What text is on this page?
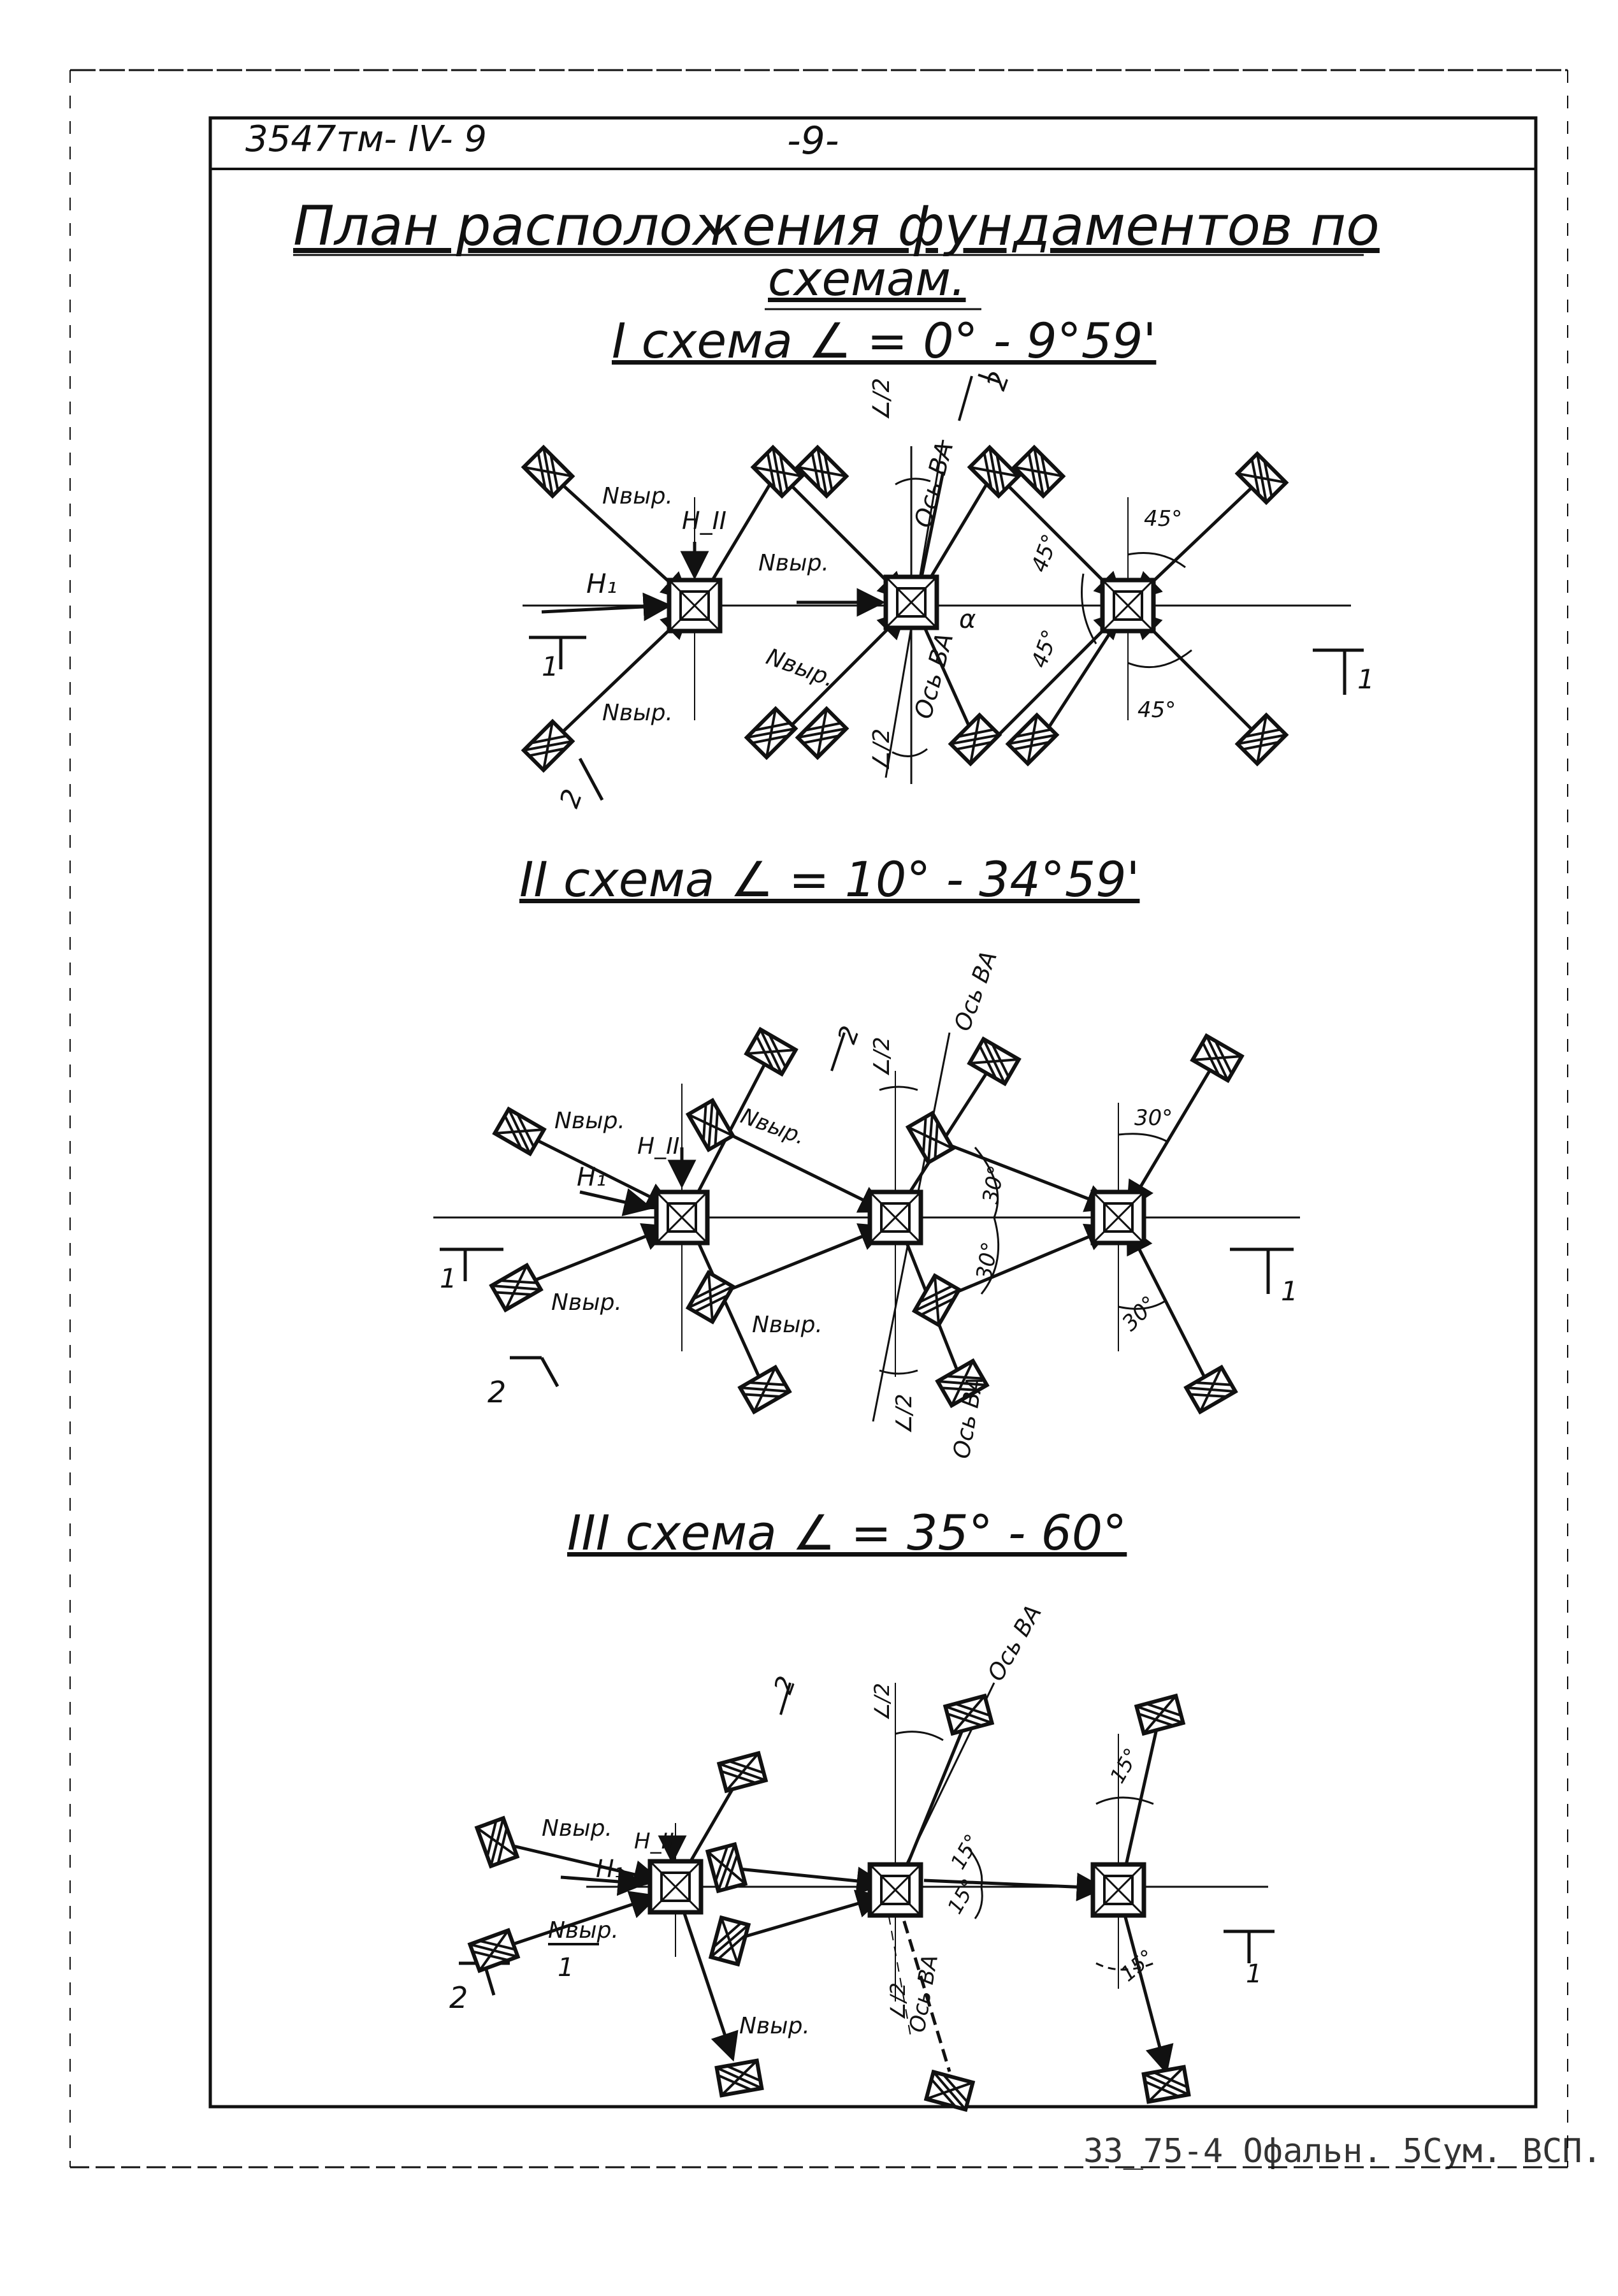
3547тм- IV- 9	-9-
План расположения фундаментов по
схемам.
I схема ∠ = 0° - 9°59'
II схема ∠ = 10° - 34°59'
III схема ∠ = 35° - 60°
33_75-4 Офальн. 5Сум. ВСП.
Nвыр.
Nвыр.
Nвыр.
Nвыр.
H₁
H_II	Ось ВА
Ось ВА
∠/2
∠/2
α
45°
45°
45°
45°
1	1
2
2
Nвыр.	Nвыр.
Nвыр.
Nвыр.
H₁
H_II
Ось ВА
Ось ВА
∠/2
∠/2
30°
30°
30°
30°
1	1
2
2
Nвыр.
Nвыр.
Nвыр.
H₁
H_II
Ось ВА
Ось ВА
∠/2
∠/2
15°
15°
15°
15°
1	1
2
2
